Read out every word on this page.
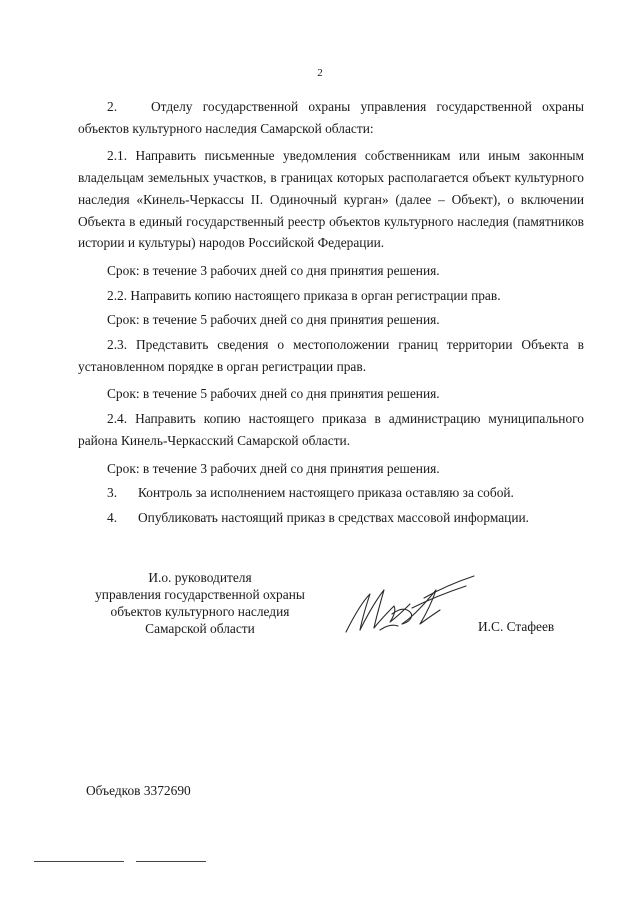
2

2.	Отделу государственной охраны управления государственной охраны объектов культурного наследия Самарской области:

2.1. Направить письменные уведомления собственникам или иным законным владельцам земельных участков, в границах которых располагается объект культурного наследия «Кинель-Черкассы II. Одиночный курган» (далее – Объект), о включении Объекта в единый государственный реестр объектов культурного наследия (памятников истории и культуры) народов Российской Федерации.

Срок: в течение 3 рабочих дней со дня принятия решения.

2.2. Направить копию настоящего приказа в орган регистрации прав.

Срок: в течение 5 рабочих дней со дня принятия решения.

2.3. Представить сведения о местоположении границ территории Объекта в установленном порядке в орган регистрации прав.

Срок: в течение 5 рабочих дней со дня принятия решения.

2.4. Направить копию настоящего приказа в администрацию муниципального района Кинель-Черкасский Самарской области.

Срок: в течение 3 рабочих дней со дня принятия решения.

3. Контроль за исполнением настоящего приказа оставляю за собой.

4. Опубликовать настоящий приказ в средствах массовой информации.

И.о. руководителя
управления государственной охраны
объектов культурного наследия
Самарской области	И.С. Стафеев
Объедков 3372690
